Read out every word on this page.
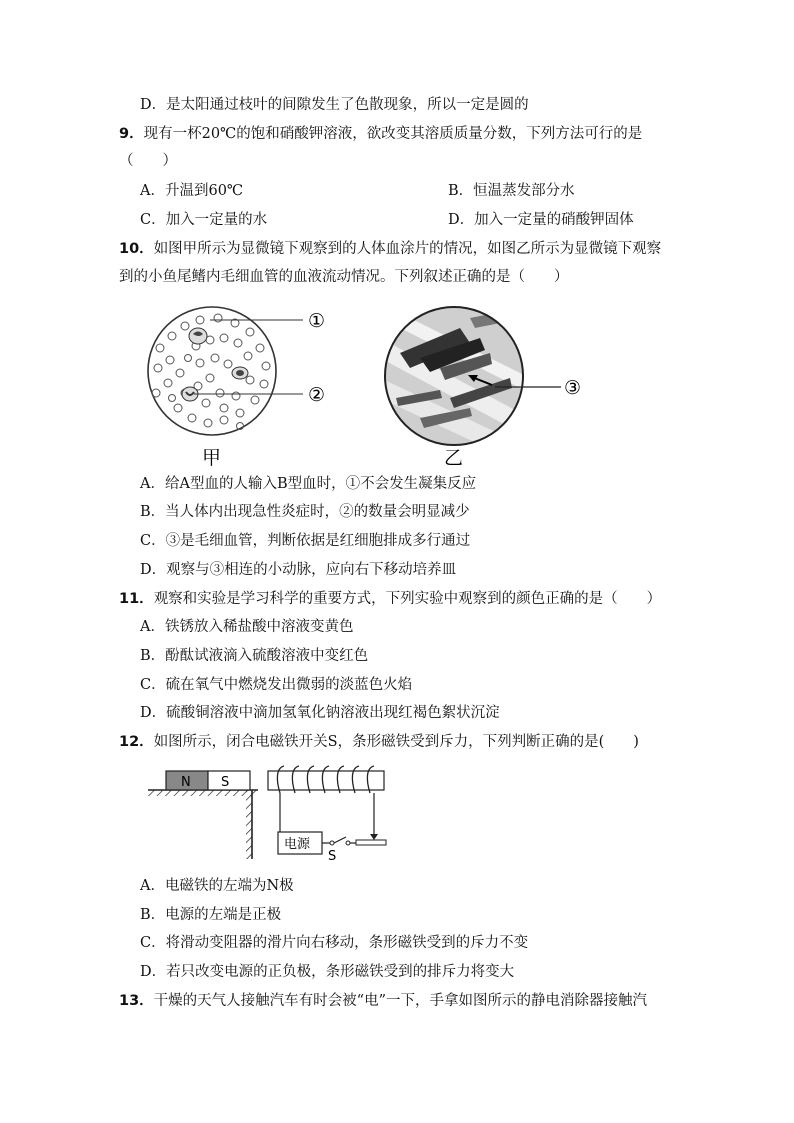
D．是太阳通过枝叶的间隙发生了色散现象，所以一定是圆的
9．现有一杯20℃的饱和硝酸钾溶液，欲改变其溶质质量分数，下列方法可行的是
（　　）
A．升温到60℃	B．恒温蒸发部分水
C．加入一定量的水	D．加入一定量的硝酸钾固体
10．如图甲所示为显微镜下观察到的人体血涂片的情况，如图乙所示为显微镜下观察
到的小鱼尾鳍内毛细血管的血液流动情况。下列叙述正确的是（　　）
①
②
甲
③
乙
A．给A型血的人输入B型血时，①不会发生凝集反应
B．当人体内出现急性炎症时，②的数量会明显减少
C．③是毛细血管，判断依据是红细胞排成多行通过
D．观察与③相连的小动脉，应向右下移动培养皿
11．观察和实验是学习科学的重要方式，下列实验中观察到的颜色正确的是（　　）
A．铁锈放入稀盐酸中溶液变黄色
B．酚酞试液滴入硫酸溶液中变红色
C．硫在氧气中燃烧发出微弱的淡蓝色火焰
D．硫酸铜溶液中滴加氢氧化钠溶液出现红褐色絮状沉淀
12．如图所示，闭合电磁铁开关S，条形磁铁受到斥力，下列判断正确的是(　　)
N S
电源
S
A．电磁铁的左端为N极
B．电源的左端是正极
C．将滑动变阻器的滑片向右移动，条形磁铁受到的斥力不变
D．若只改变电源的正负极，条形磁铁受到的排斥力将变大
13．干燥的天气人接触汽车有时会被“电”一下，手拿如图所示的静电消除器接触汽
